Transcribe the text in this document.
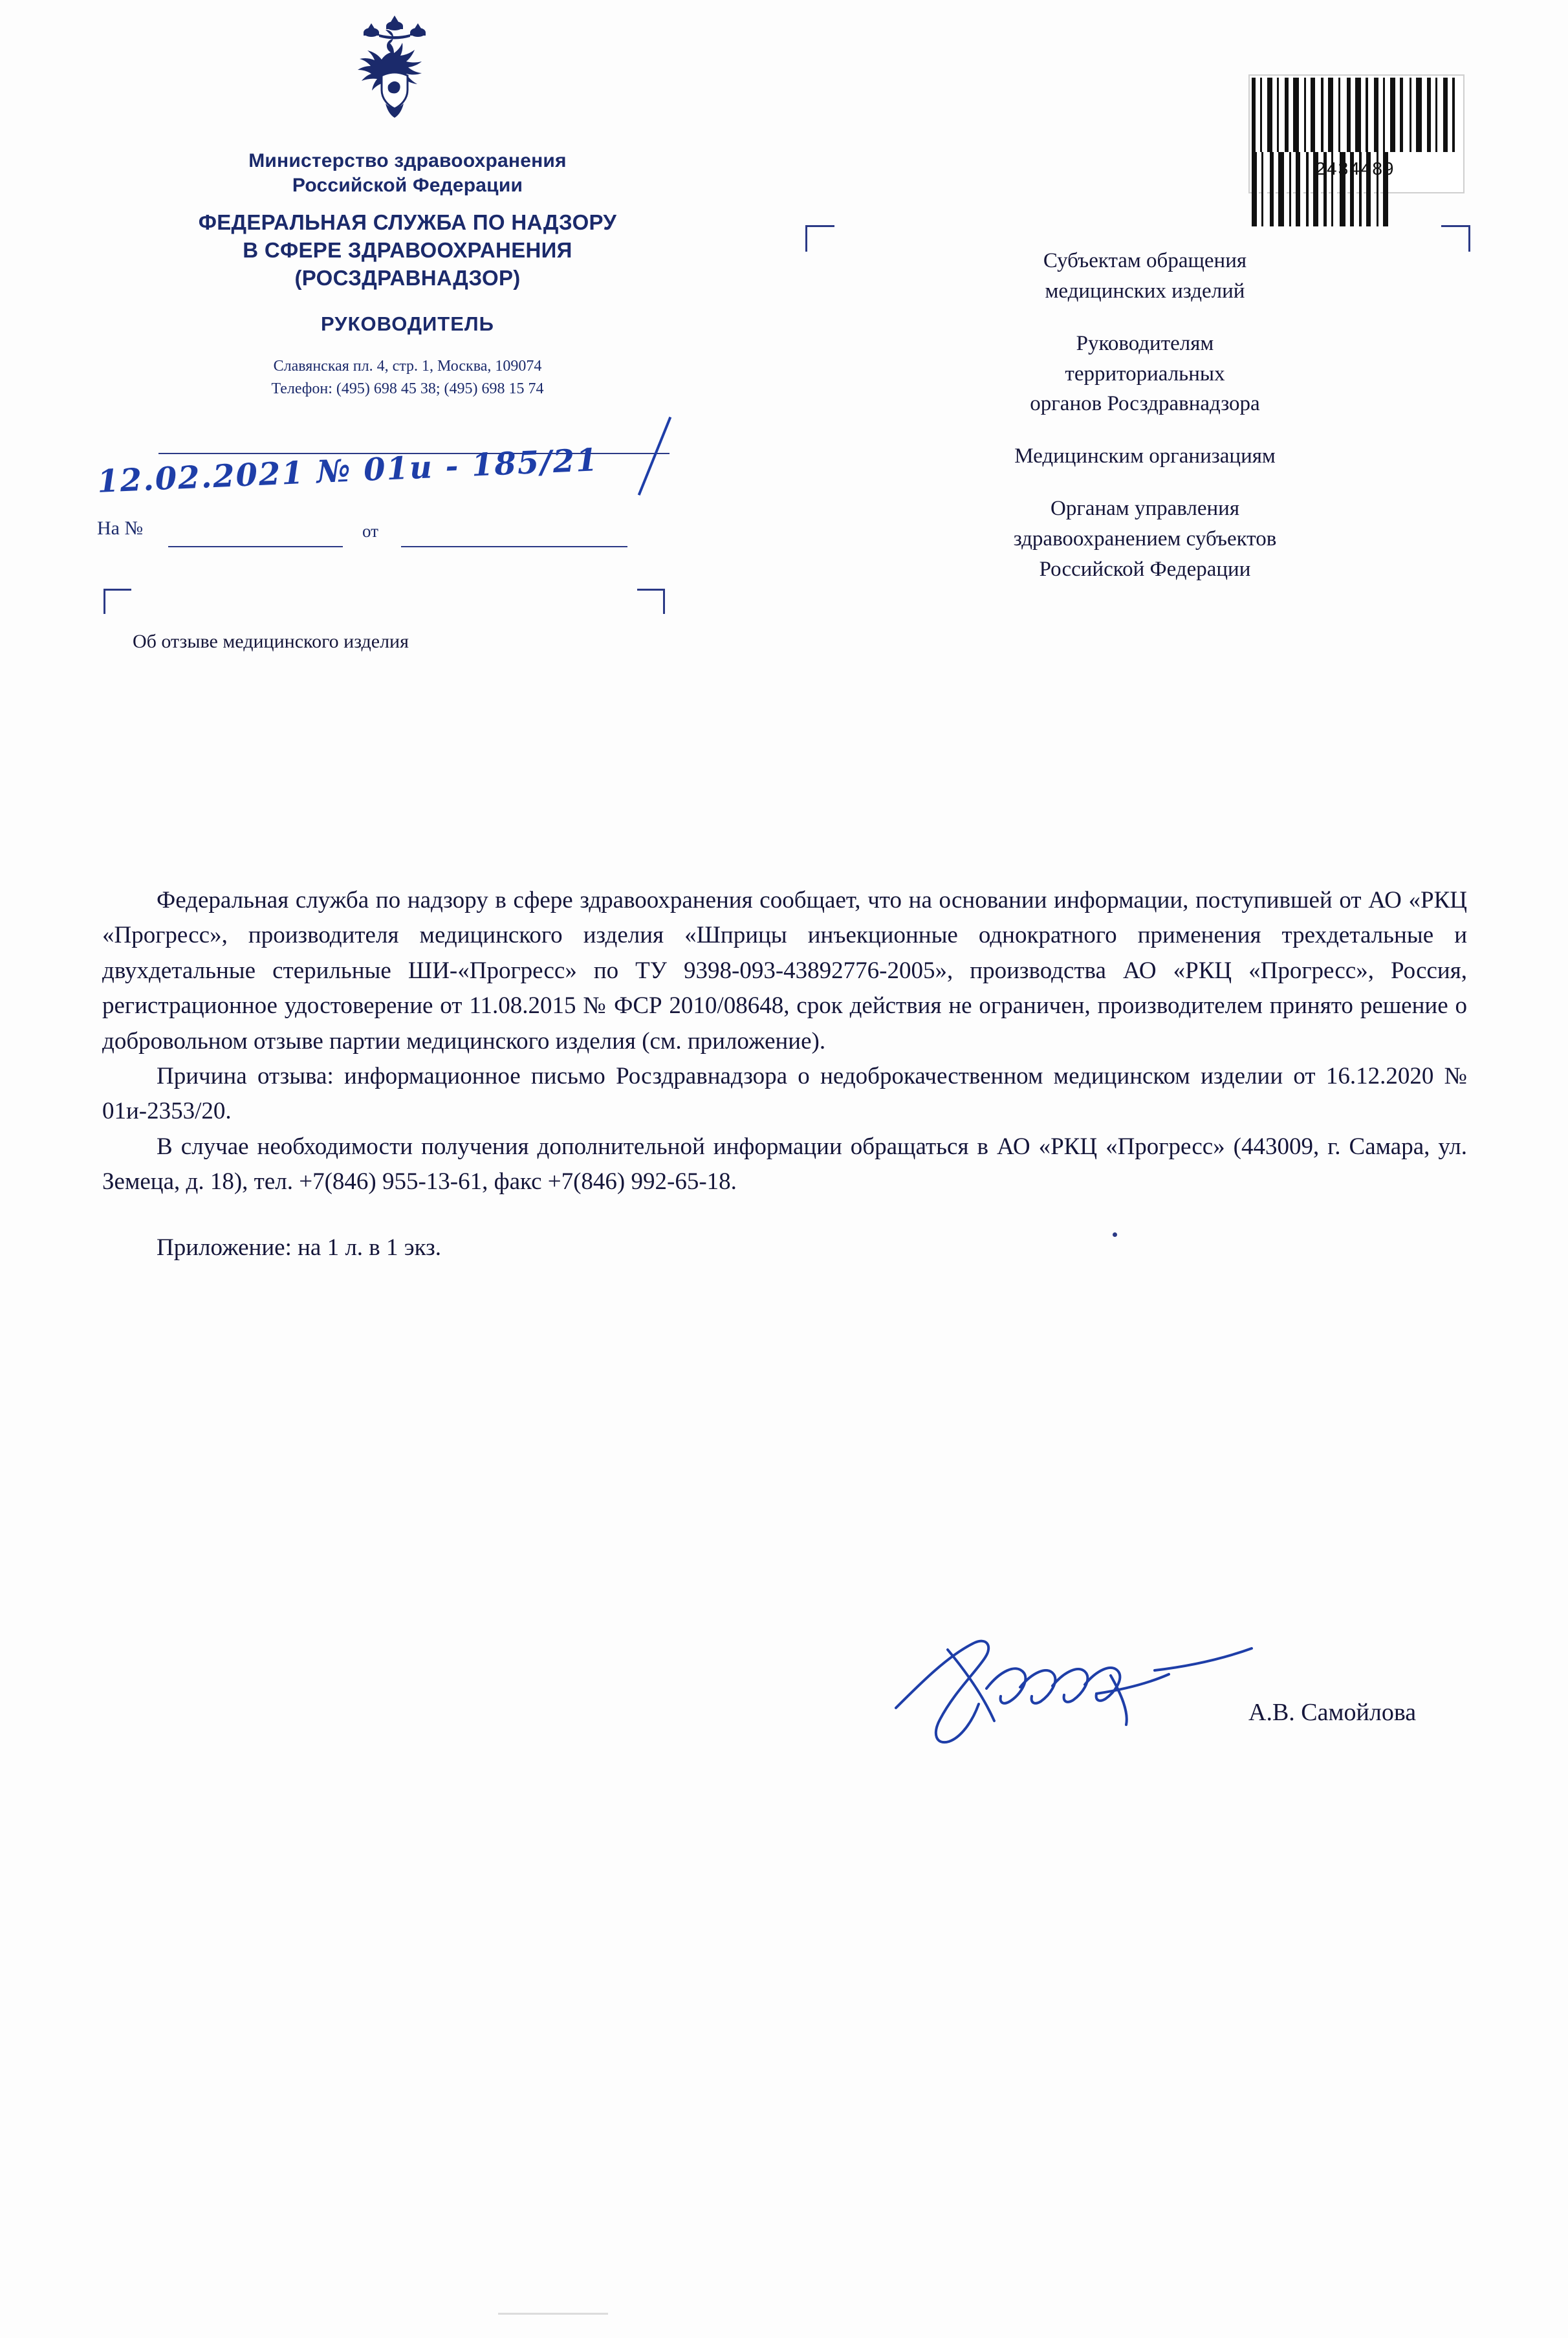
Министерство здравоохранения
Российской Федерации
ФЕДЕРАЛЬНАЯ СЛУЖБА ПО НАДЗОРУ
В СФЕРЕ ЗДРАВООХРАНЕНИЯ
(РОСЗДРАВНАДЗОР)
РУКОВОДИТЕЛЬ
Славянская пл. 4, стр. 1, Москва, 109074
Телефон: (495) 698 45 38; (495) 698 15 74
12.02.2021 № 01и - 185/21
На №	от
Об отзыве медицинского изделия

2434489

Субъектам обращения
медицинских изделий

Руководителям
территориальных
органов Росздравнадзора

Медицинским организациям

Органам управления
здравоохранением субъектов
Российской Федерации

Федеральная служба по надзору в сфере здравоохранения сообщает, что на основании информации, поступившей от АО «РКЦ «Прогресс», производителя медицинского изделия «Шприцы инъекционные однократного применения трехдетальные и двухдетальные стерильные ШИ-«Прогресс» по ТУ 9398-093-43892776-2005», производства АО «РКЦ «Прогресс», Россия, регистрационное удостоверение от 11.08.2015 № ФСР 2010/08648, срок действия не ограничен, производителем принято решение о добровольном отзыве партии медицинского изделия (см. приложение).

Причина отзыва: информационное письмо Росздравнадзора о недоброкачественном медицинском изделии от 16.12.2020 № 01и-2353/20.

В случае необходимости получения дополнительной информации обращаться в АО «РКЦ «Прогресс» (443009, г. Самара, ул. Земеца, д. 18), тел. +7(846) 955-13-61, факс +7(846) 992-65-18.

Приложение: на 1 л. в 1 экз.

А.В. Самойлова
